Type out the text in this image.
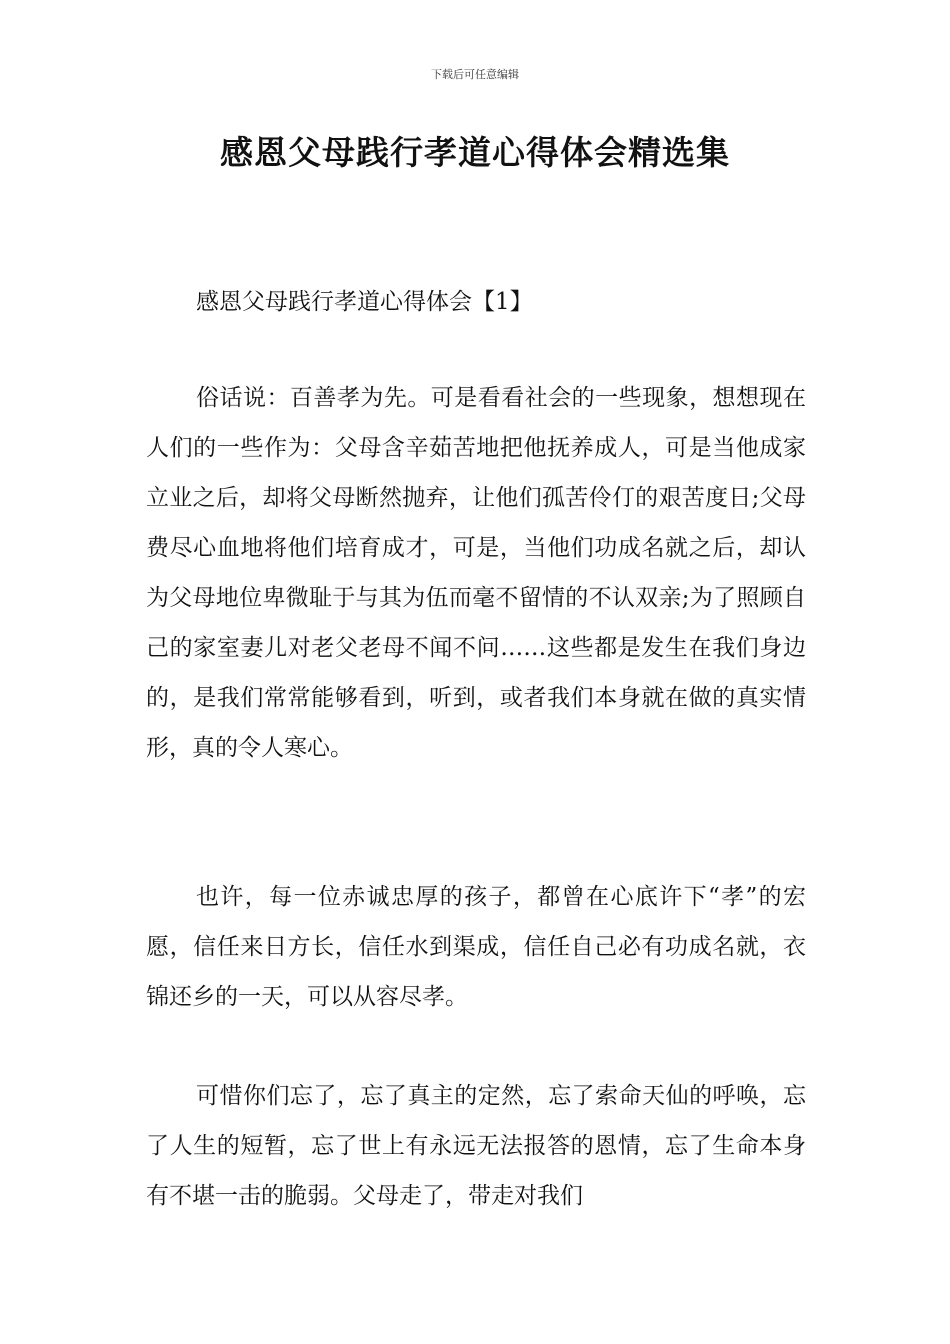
下载后可任意编辑
感恩父母践行孝道心得体会精选集
感恩父母践行孝道心得体会【1】

俗话说：百善孝为先。可是看看社会的一些现象，想想现在人们的一些作为：父母含辛茹苦地把他抚养成人，可是当他成家立业之后，却将父母断然抛弃，让他们孤苦伶仃的艰苦度日;父母费尽心血地将他们培育成才，可是，当他们功成名就之后，却认为父母地位卑微耻于与其为伍而毫不留情的不认双亲;为了照顾自己的家室妻儿对老父老母不闻不问……这些都是发生在我们身边的，是我们常常能够看到，听到，或者我们本身就在做的真实情形，真的令人寒心。

也许，每一位赤诚忠厚的孩子，都曾在心底许下“孝”的宏愿，信任来日方长，信任水到渠成，信任自己必有功成名就，衣锦还乡的一天，可以从容尽孝。

可惜你们忘了，忘了真主的定然，忘了索命天仙的呼唤，忘了人生的短暂，忘了世上有永远无法报答的恩情，忘了生命本身有不堪一击的脆弱。父母走了，带走对我们
